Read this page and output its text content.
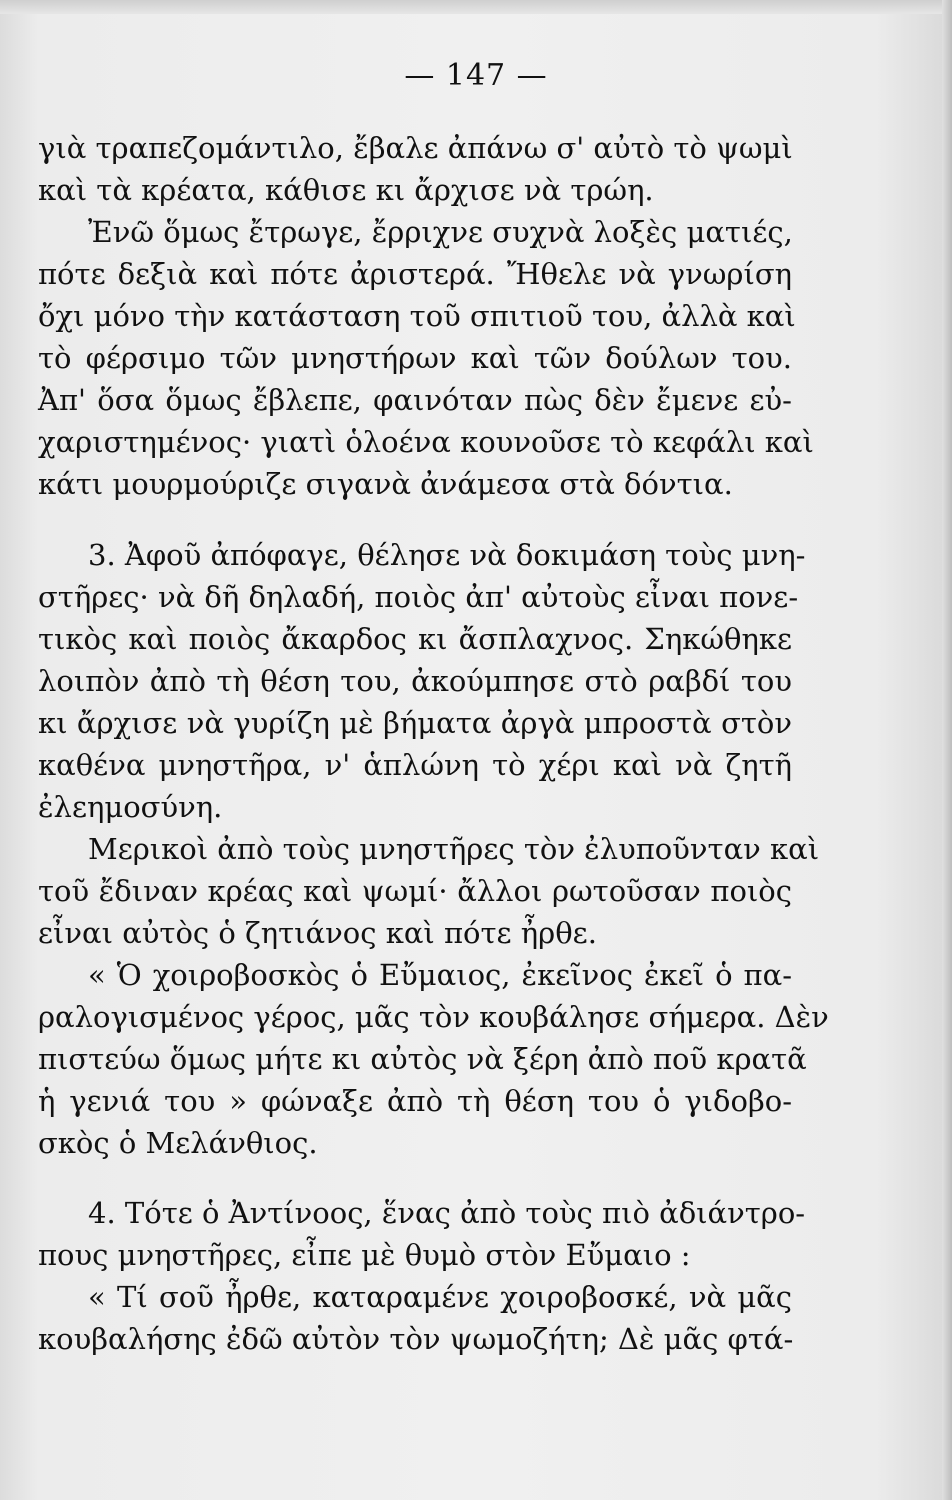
— 147 —
γιὰ τραπεζομάντιλο, ἔβαλε ἀπάνω σ' αὐτὸ τὸ ψωμὶ
καὶ τὰ κρέατα, κάθισε κι ἄρχισε νὰ τρώη.
Ἐνῶ ὅμως ἔτρωγε, ἔρριχνε συχνὰ λοξὲς ματιές,
πότε δεξιὰ καὶ πότε ἀριστερά. Ἤθελε νὰ γνωρίση
ὄχι μόνο τὴν κατάσταση τοῦ σπιτιοῦ του, ἀλλὰ καὶ
τὸ φέρσιμο τῶν μνηστήρων καὶ τῶν δούλων του.
Ἀπ' ὅσα ὅμως ἔβλεπε, φαινόταν πὼς δὲν ἔμενε εὐ-
χαριστημένος· γιατὶ ὁλοένα κουνοῦσε τὸ κεφάλι καὶ
κάτι μουρμούριζε σιγανὰ ἀνάμεσα στὰ δόντια.
3. Ἀφοῦ ἀπόφαγε, θέλησε νὰ δοκιμάση τοὺς μνη-
στῆρες· νὰ δῆ δηλαδή, ποιὸς ἀπ' αὐτοὺς εἶναι πονε-
τικὸς καὶ ποιὸς ἄκαρδος κι ἄσπλαχνος. Σηκώθηκε
λοιπὸν ἀπὸ τὴ θέση του, ἀκούμπησε στὸ ραβδί του
κι ἄρχισε νὰ γυρίζη μὲ βήματα ἀργὰ μπροστὰ στὸν
καθένα μνηστῆρα, ν' ἁπλώνη τὸ χέρι καὶ νὰ ζητῆ
ἐλεημοσύνη.
Μερικοὶ ἀπὸ τοὺς μνηστῆρες τὸν ἐλυποῦνταν καὶ
τοῦ ἔδιναν κρέας καὶ ψωμί· ἄλλοι ρωτοῦσαν ποιὸς
εἶναι αὐτὸς ὁ ζητιάνος καὶ πότε ἦρθε.
« Ὁ χοιροβοσκὸς ὁ Εὔμαιος, ἐκεῖνος ἐκεῖ ὁ πα-
ραλογισμένος γέρος, μᾶς τὸν κουβάλησε σήμερα. Δὲν
πιστεύω ὅμως μήτε κι αὐτὸς νὰ ξέρη ἀπὸ ποῦ κρατᾶ
ἡ γενιά του » φώναξε ἀπὸ τὴ θέση του ὁ γιδοβο-
σκὸς ὁ Μελάνθιος.
4. Τότε ὁ Ἀντίνοος, ἕνας ἀπὸ τοὺς πιὸ ἀδιάντρο-
πους μνηστῆρες, εἶπε μὲ θυμὸ στὸν Εὔμαιο :
« Τί σοῦ ἦρθε, καταραμένε χοιροβοσκέ, νὰ μᾶς
κουβαλήσης ἐδῶ αὐτὸν τὸν ψωμοζήτη; Δὲ μᾶς φτά-
